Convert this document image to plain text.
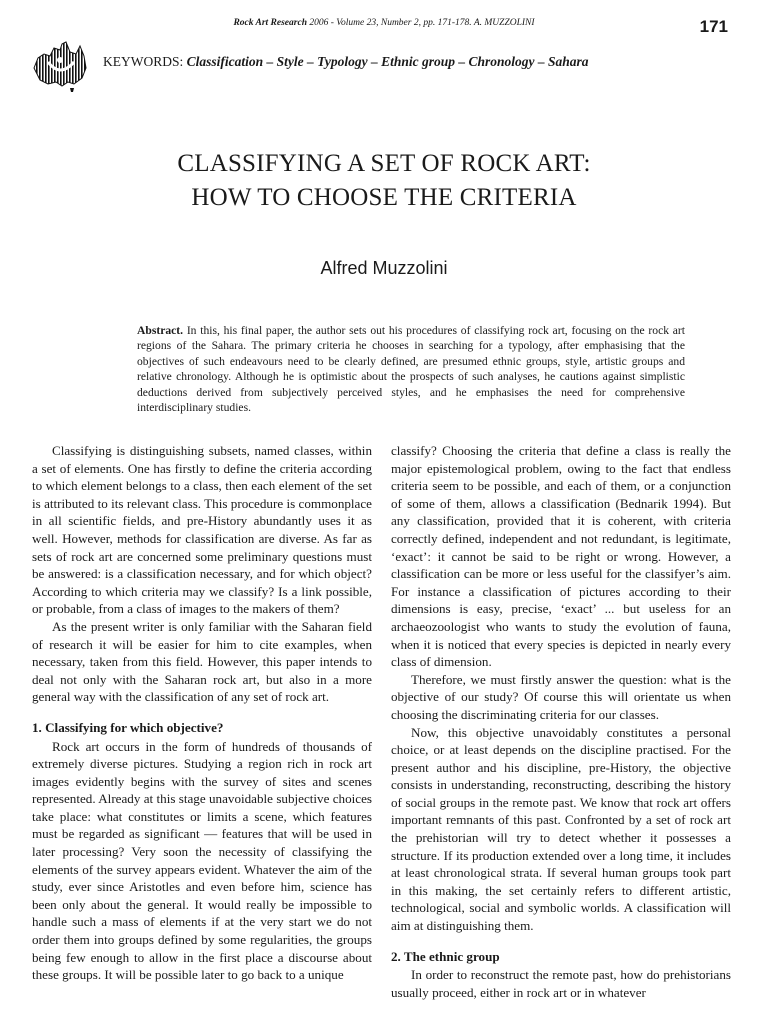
Rock Art Research 2006 - Volume 23, Number 2, pp. 171-178. A. MUZZOLINI	171
KEYWORDS: Classification – Style – Typology – Ethnic group – Chronology – Sahara
CLASSIFYING A SET OF ROCK ART:
HOW TO CHOOSE THE CRITERIA
Alfred Muzzolini
Abstract. In this, his final paper, the author sets out his procedures of classifying rock art, focusing on the rock art regions of the Sahara. The primary criteria he chooses in searching for a typology, after emphasising that the objectives of such endeavours need to be clearly defined, are presumed ethnic groups, style, artistic groups and relative chronology. Although he is optimistic about the prospects of such analyses, he cautions against simplistic deductions derived from subjectively perceived styles, and he emphasises the need for comprehensive interdisciplinary studies.

Classifying is distinguishing subsets, named classes, within a set of elements. One has firstly to define the criteria according to which element belongs to a class, then each element of the set is attributed to its relevant class. This procedure is commonplace in all scientific fields, and pre-History abundantly uses it as well. However, methods for classification are diverse. As far as sets of rock art are concerned some preliminary questions must be answered: is a classification necessary, and for which object? According to which criteria may we classify? Is a link possible, or probable, from a class of images to the makers of them?

As the present writer is only familiar with the Saharan field of research it will be easier for him to cite examples, when necessary, taken from this field. However, this paper intends to deal not only with the Saharan rock art, but also in a more general way with the classification of any set of rock art.

1. Classifying for which objective?

Rock art occurs in the form of hundreds of thousands of extremely diverse pictures. Studying a region rich in rock art images evidently begins with the survey of sites and scenes represented. Already at this stage unavoidable subjective choices take place: what constitutes or limits a scene, which features must be regarded as significant — features that will be used in later processing? Very soon the necessity of classifying the elements of the survey appears evident. Whatever the aim of the study, ever since Aristotles and even before him, science has been only about the general. It would really be impossible to handle such a mass of elements if at the very start we do not order them into groups defined by some regularities, the groups being few enough to allow in the first place a discourse about these groups. It will be possible later to go back to a unique

classify? Choosing the criteria that define a class is really the major epistemological problem, owing to the fact that endless criteria seem to be possible, and each of them, or a conjunction of some of them, allows a classification (Bednarik 1994). But any classification, provided that it is coherent, with criteria correctly defined, independent and not redundant, is legitimate, ‘exact’: it cannot be said to be right or wrong. However, a classification can be more or less useful for the classifyer’s aim. For instance a classification of pictures according to their dimensions is easy, precise, ‘exact’ ... but useless for an archaeozoologist who wants to study the evolution of fauna, when it is noticed that every species is depicted in nearly every class of dimension.

Therefore, we must firstly answer the question: what is the objective of our study? Of course this will orientate us when choosing the discriminating criteria for our classes.

Now, this objective unavoidably constitutes a personal choice, or at least depends on the discipline practised. For the present author and his discipline, pre-History, the objective consists in understanding, reconstructing, describing the history of social groups in the remote past. We know that rock art offers important remnants of this past. Confronted by a set of rock art the prehistorian will try to detect whether it possesses a structure. If its production extended over a long time, it includes at least chronological strata. If several human groups took part in this making, the set certainly refers to different artistic, technological, social and symbolic worlds. A classification will aim at distinguishing them.

2. The ethnic group

In order to reconstruct the remote past, how do prehistorians usually proceed, either in rock art or in whatever
